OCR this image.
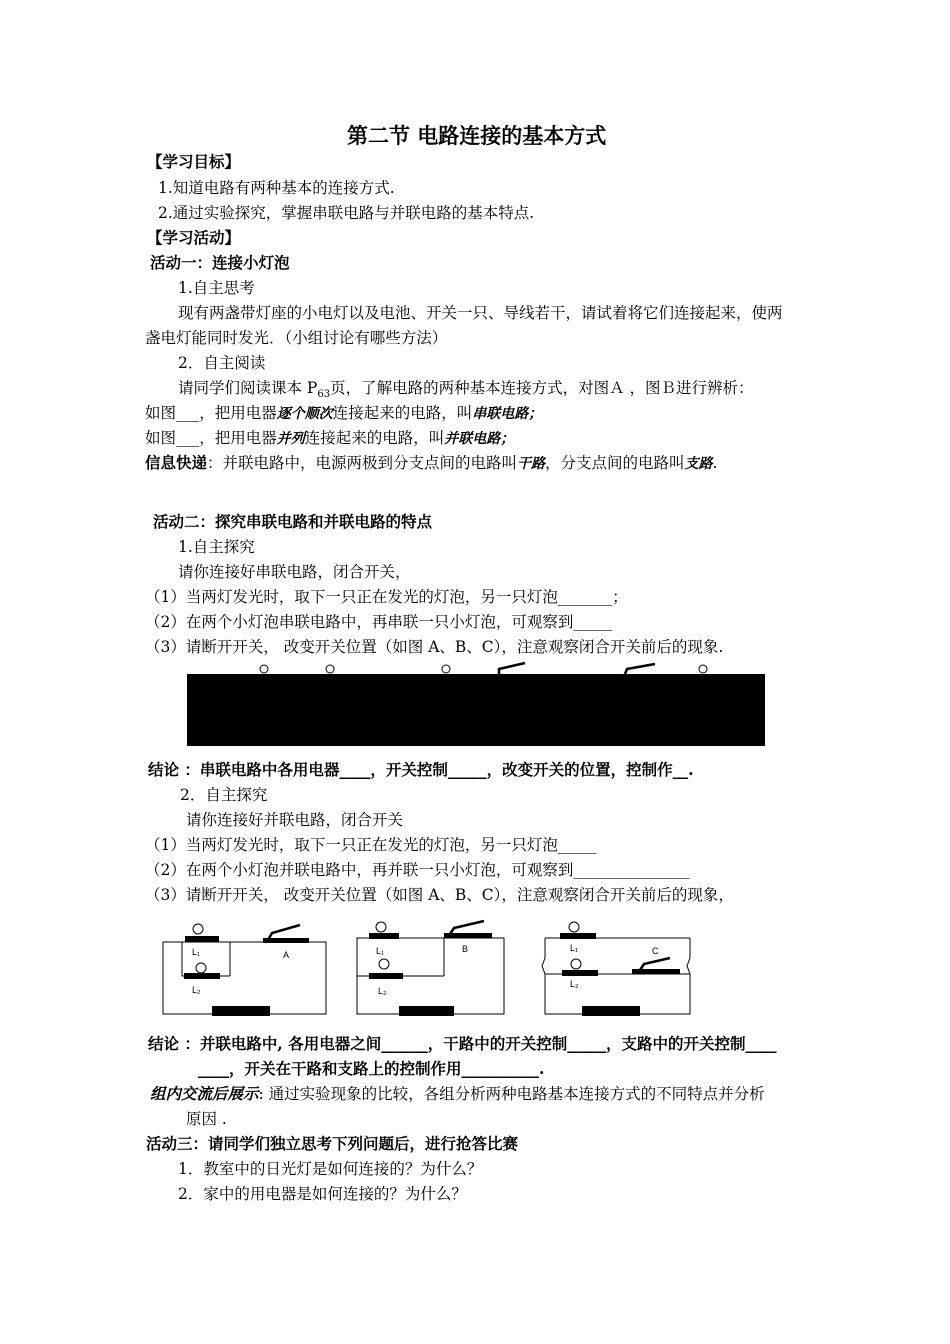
第二节 电路连接的基本方式
【学习目标】
1.知道电路有两种基本的连接方式.
2.通过实验探究，掌握串联电路与并联电路的基本特点.
【学习活动】
活动一：连接小灯泡
1.自主思考
现有两盏带灯座的小电灯以及电池、开关一只、导线若干，请试着将它们连接起来，使两
盏电灯能同时发光．（小组讨论有哪些方法）
2．自主阅读
请同学们阅读课本 $P_{63}$页，了解电路的两种基本连接方式，对图Ａ ，图Ｂ进行辨析：
如图___，把用电器逐个顺次连接起来的电路，叫串联电路；
如图___，把用电器并列连接起来的电路，叫并联电路；
信息快递：并联电路中，电源两极到分支点间的电路叫干路，分支点间的电路叫支路.
活动二：探究串联电路和并联电路的特点
1.自主探究
请你连接好串联电路，闭合开关，
（1）当两灯发光时，取下一只正在发光的灯泡，另一只灯泡_______；
（2）在两个小灯泡串联电路中，再串联一只小灯泡，可观察到_____
（3）请断开开关， 改变开关位置（如图 A、B、C），注意观察闭合开关前后的现象.
结论 ：串联电路中各用电器____，开关控制_____，改变开关的位置，控制作__.
2．自主探究
请你连接好并联电路，闭合开关
（1）当两灯发光时，取下一只正在发光的灯泡，另一只灯泡_____
（2）在两个小灯泡并联电路中，再并联一只小灯泡，可观察到_______________
（3）请断开开关， 改变开关位置（如图 A、B、C），注意观察闭合开关前后的现象，
L₁
L₂
A	L₁
L₂
B	L₁
L₂
C
结论 ：并联电路中, 各用电器之间______，干路中的开关控制_____，支路中的开关控制____
____，开关在干路和支路上的控制作用__________.
组内交流后展示: 通过实验现象的比较，各组分析两种电路基本连接方式的不同特点并分析
原因 .
活动三：请同学们独立思考下列问题后，进行抢答比赛
1．教室中的日光灯是如何连接的？为什么？
2．家中的用电器是如何连接的？为什么？
